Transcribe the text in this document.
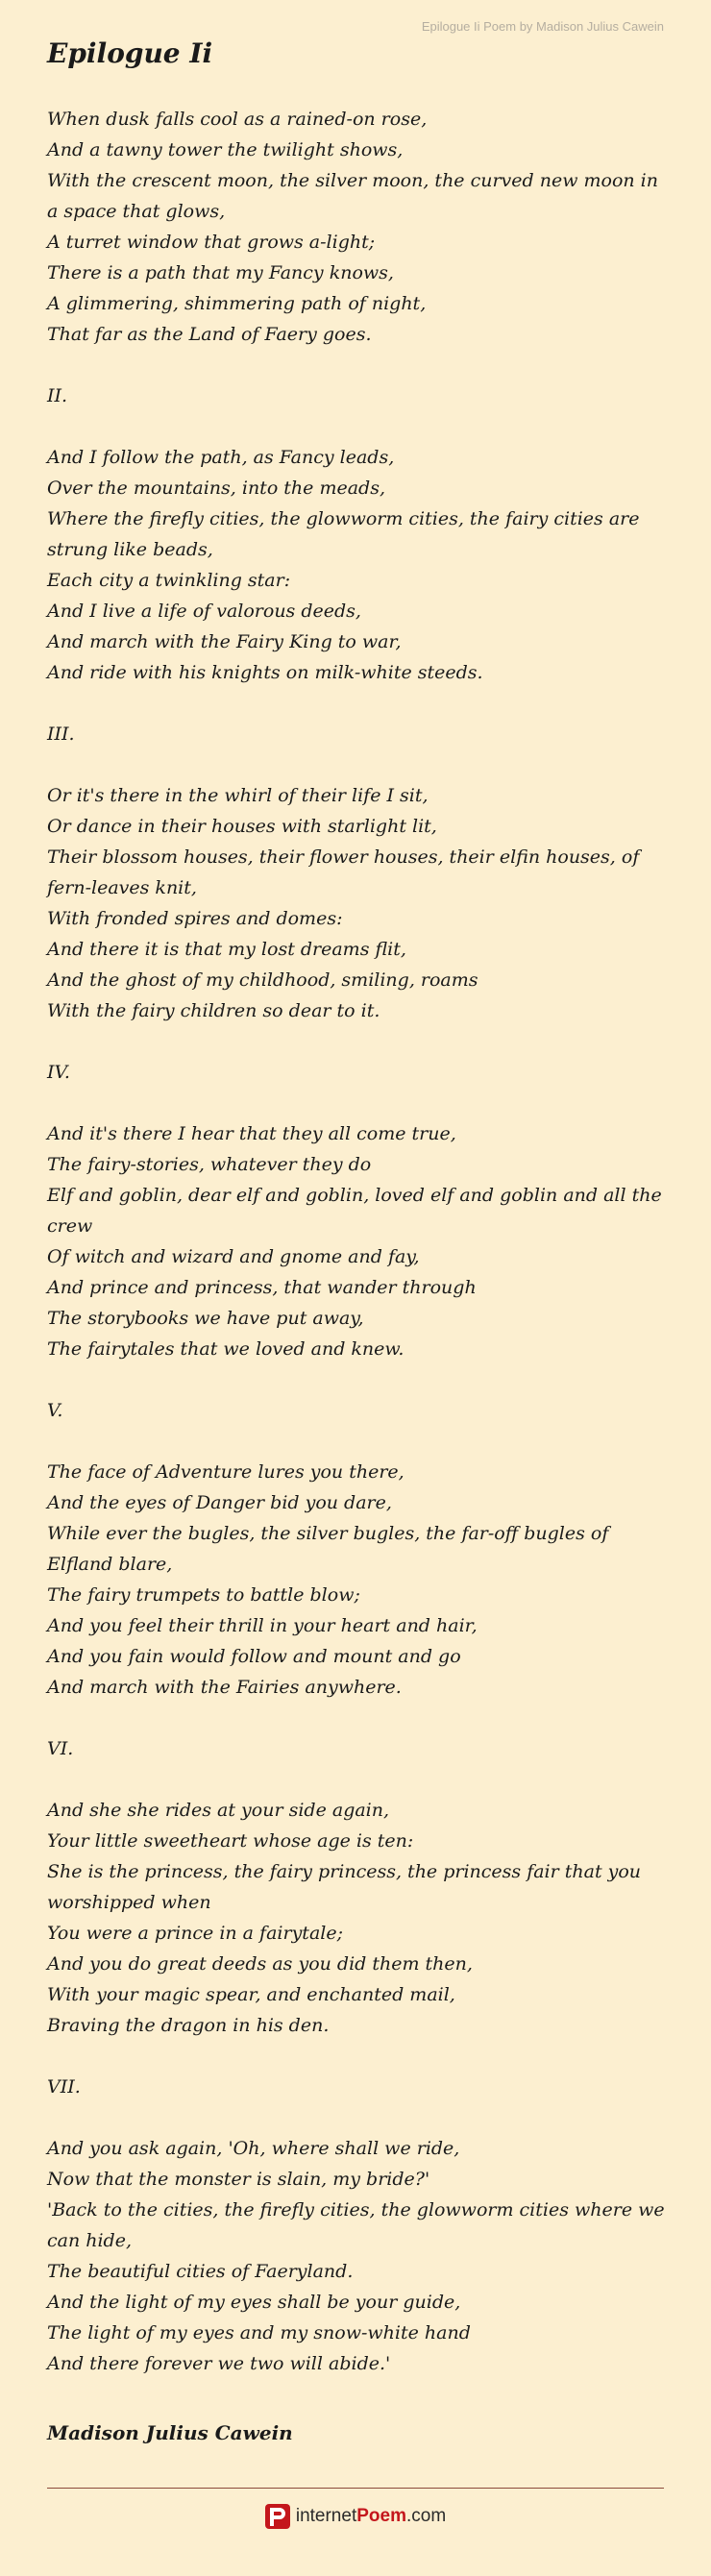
Epilogue Ii Poem by Madison Julius Cawein
Epilogue Ii
When dusk falls cool as a rained-on rose,
And a tawny tower the twilight shows,
With the crescent moon, the silver moon, the curved new moon in a space that glows,
A turret window that grows a-light;
There is a path that my Fancy knows,
A glimmering, shimmering path of night,
That far as the Land of Faery goes.
II.
And I follow the path, as Fancy leads,
Over the mountains, into the meads,
Where the firefly cities, the glowworm cities, the fairy cities are strung like beads,
Each city a twinkling star:
And I live a life of valorous deeds,
And march with the Fairy King to war,
And ride with his knights on milk-white steeds.
III.
Or it's there in the whirl of their life I sit,
Or dance in their houses with starlight lit,
Their blossom houses, their flower houses, their elfin houses, of fern-leaves knit,
With fronded spires and domes:
And there it is that my lost dreams flit,
And the ghost of my childhood, smiling, roams
With the fairy children so dear to it.
IV.
And it's there I hear that they all come true,
The fairy-stories, whatever they do
Elf and goblin, dear elf and goblin, loved elf and goblin and all the crew
Of witch and wizard and gnome and fay,
And prince and princess, that wander through
The storybooks we have put away,
The fairytales that we loved and knew.
V.
The face of Adventure lures you there,
And the eyes of Danger bid you dare,
While ever the bugles, the silver bugles, the far-off bugles of Elfland blare,
The fairy trumpets to battle blow;
And you feel their thrill in your heart and hair,
And you fain would follow and mount and go
And march with the Fairies anywhere.
VI.
And she she rides at your side again,
Your little sweetheart whose age is ten:
She is the princess, the fairy princess, the princess fair that you worshipped when
You were a prince in a fairytale;
And you do great deeds as you did them then,
With your magic spear, and enchanted mail,
Braving the dragon in his den.
VII.
And you ask again, 'Oh, where shall we ride,
Now that the monster is slain, my bride?'
'Back to the cities, the firefly cities, the glowworm cities where we can hide,
The beautiful cities of Faeryland.
And the light of my eyes shall be your guide,
The light of my eyes and my snow-white hand
And there forever we two will abide.'
Madison Julius Cawein
internetPoem.com
